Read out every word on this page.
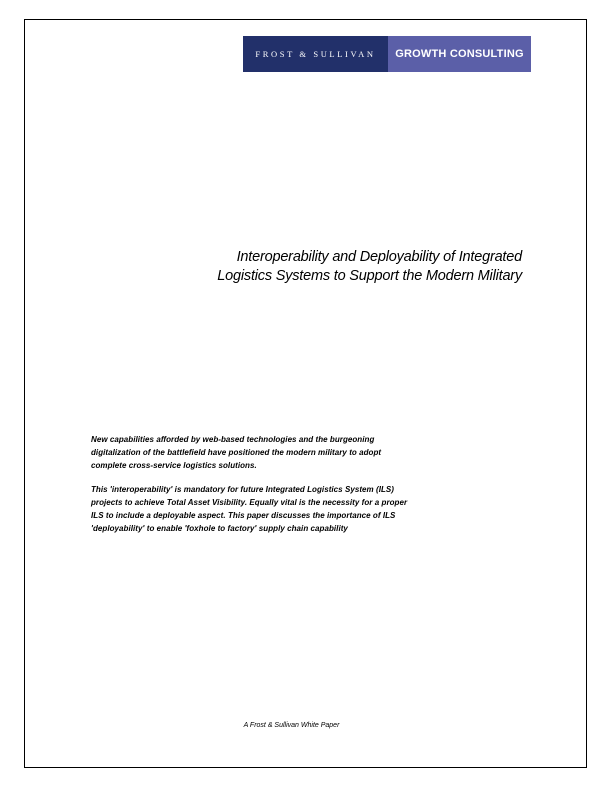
FROST & SULLIVAN	GROWTH CONSULTING
Interoperability and Deployability of Integrated
Logistics Systems to Support the Modern Military
New capabilities afforded by web-based technologies and the burgeoning
digitalization of the battlefield have positioned the modern military to adopt
complete cross-service logistics solutions.
This 'interoperability' is mandatory for future Integrated Logistics System (ILS)
projects to achieve Total Asset Visibility. Equally vital is the necessity for a proper
ILS to include a deployable aspect. This paper discusses the importance of ILS
'deployability' to enable 'foxhole to factory' supply chain capability
A Frost & Sullivan White Paper
